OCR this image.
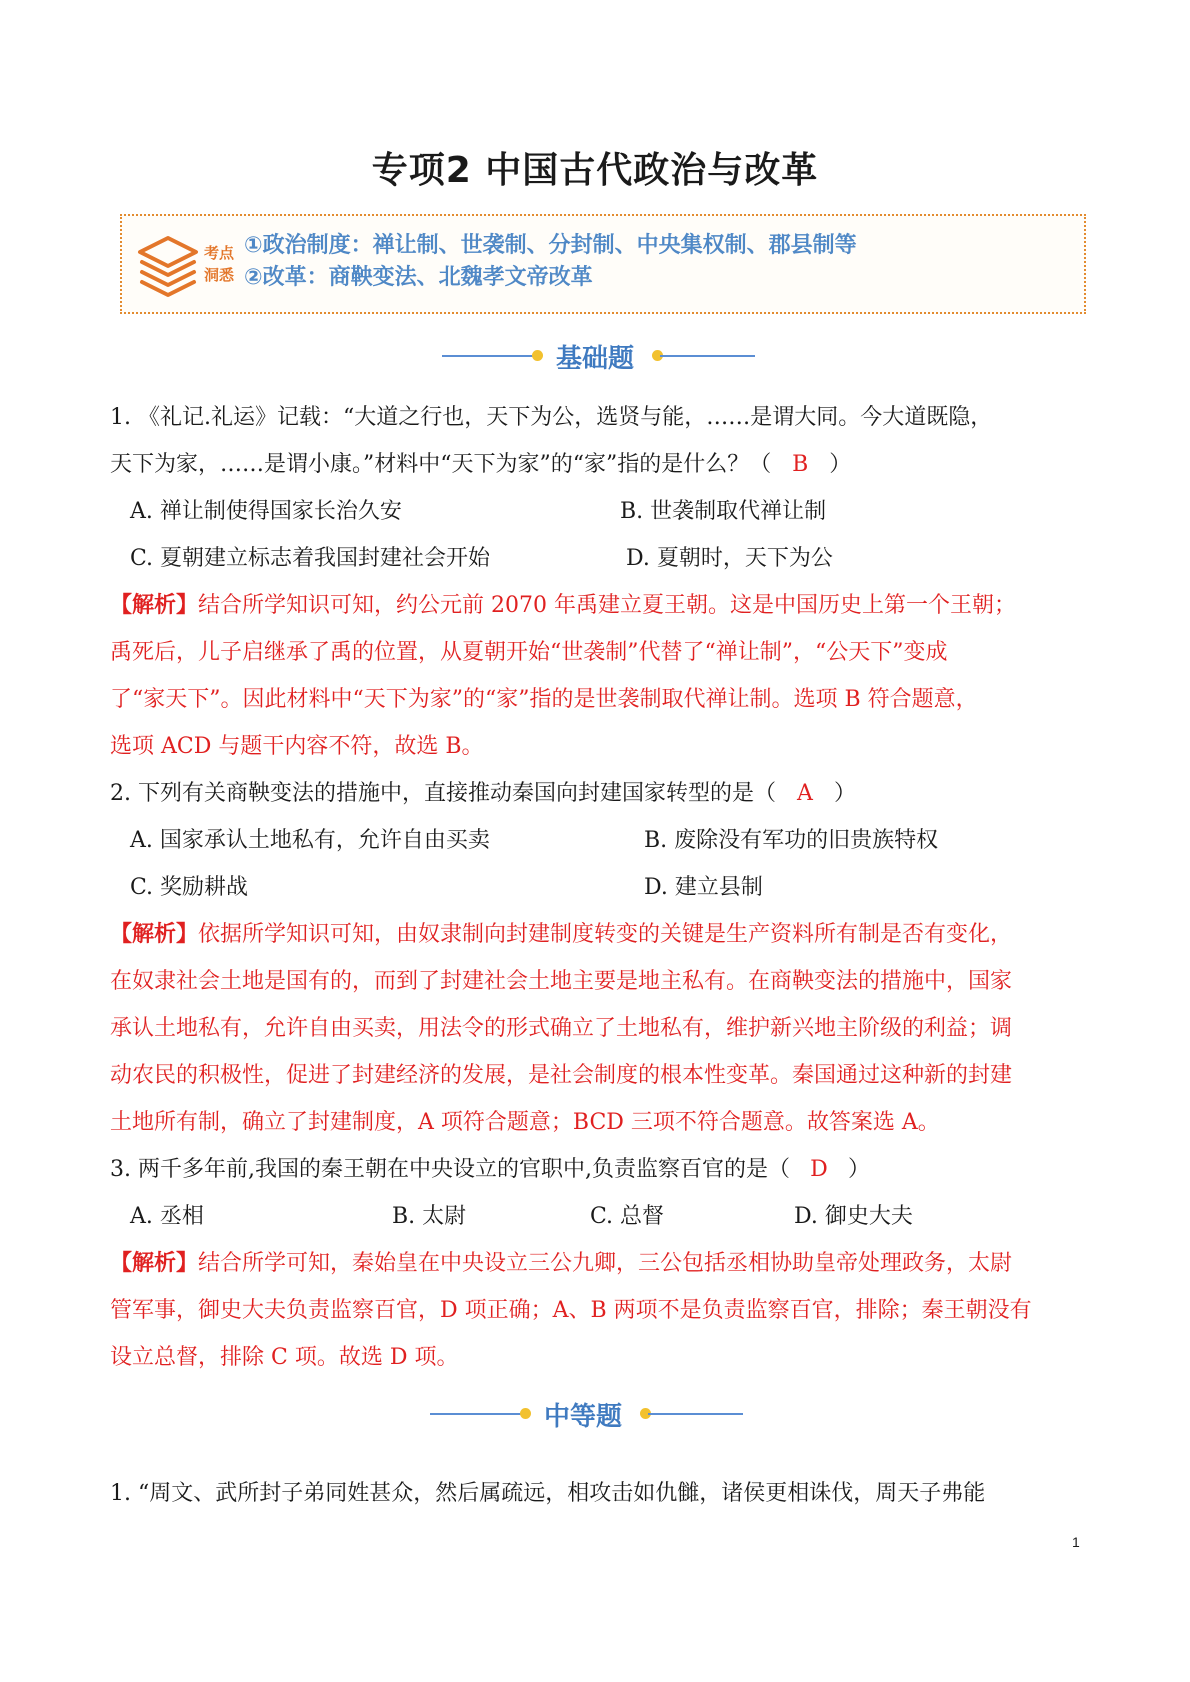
专项2 中国古代政治与改革
考点
洞悉
①政治制度：禅让制、世袭制、分封制、中央集权制、郡县制等
②改革：商鞅变法、北魏孝文帝改革
基础题

1. 《礼记.礼运》记载：“大道之行也，天下为公，选贤与能，……是谓大同。今大道既隐，

天下为家，……是谓小康。”材料中“天下为家”的“家”指的是什么？（ B ）

A. 禅让制使得国家长治久安	B. 世袭制取代禅让制
C. 夏朝建立标志着我国封建社会开始	D. 夏朝时，天下为公

【解析】结合所学知识可知，约公元前 2070 年禹建立夏王朝。这是中国历史上第一个王朝；

禹死后，儿子启继承了禹的位置，从夏朝开始“世袭制”代替了“禅让制”，“公天下”变成

了“家天下”。因此材料中“天下为家”的“家”指的是世袭制取代禅让制。选项 B 符合题意，

选项 ACD 与题干内容不符，故选 B。

2. 下列有关商鞅变法的措施中，直接推动秦国向封建国家转型的是（ A ）

A. 国家承认土地私有，允许自由买卖	B. 废除没有军功的旧贵族特权
C. 奖励耕战	D. 建立县制

【解析】依据所学知识可知，由奴隶制向封建制度转变的关键是生产资料所有制是否有变化，

在奴隶社会土地是国有的，而到了封建社会土地主要是地主私有。在商鞅变法的措施中，国家

承认土地私有，允许自由买卖，用法令的形式确立了土地私有，维护新兴地主阶级的利益；调

动农民的积极性，促进了封建经济的发展，是社会制度的根本性变革。秦国通过这种新的封建

土地所有制，确立了封建制度，A 项符合题意；BCD 三项不符合题意。故答案选 A。

3. 两千多年前,我国的秦王朝在中央设立的官职中,负责监察百官的是（ D ）

A. 丞相	B. 太尉	C. 总督	D. 御史大夫

【解析】结合所学可知，秦始皇在中央设立三公九卿，三公包括丞相协助皇帝处理政务，太尉

管军事，御史大夫负责监察百官，D 项正确；A、B 两项不是负责监察百官，排除；秦王朝没有

设立总督，排除 C 项。故选 D 项。

中等题
1. “周文、武所封子弟同姓甚众，然后属疏远，相攻击如仇雠，诸侯更相诛伐，周天子弗能
1
